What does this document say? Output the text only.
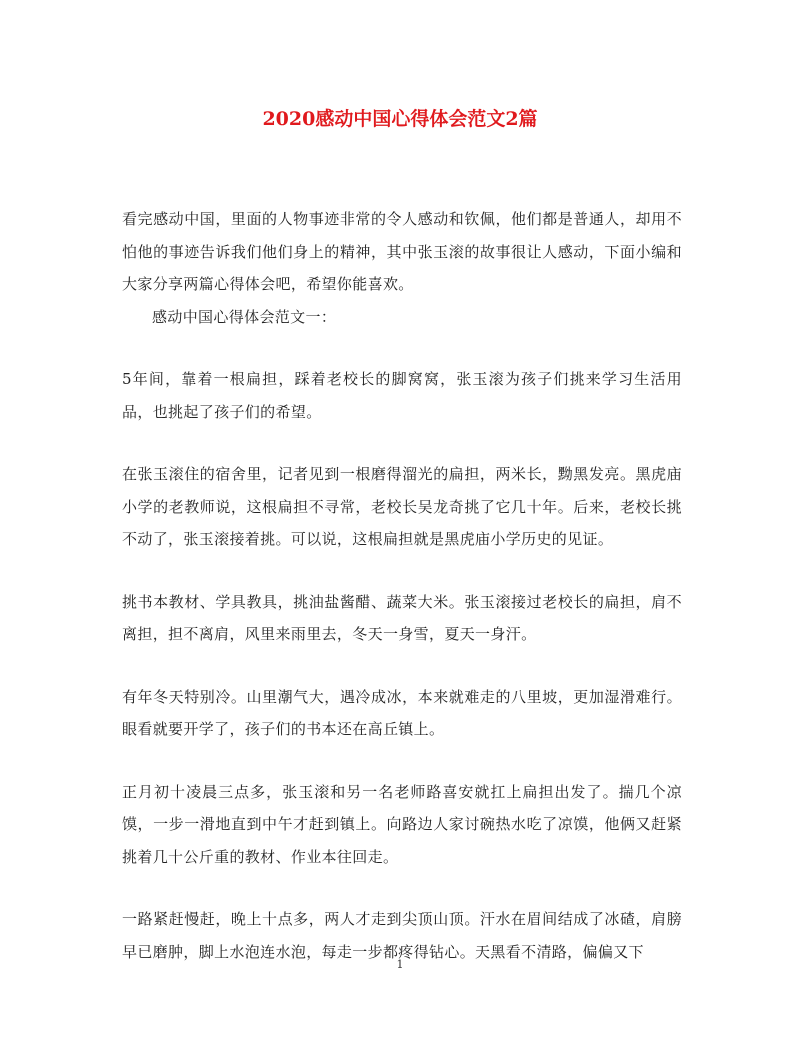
2020感动中国心得体会范文2篇

看完感动中国，里面的人物事迹非常的令人感动和钦佩，他们都是普通人，却用不怕他的事迹告诉我们他们身上的精神，其中张玉滚的故事很让人感动，下面小编和大家分享两篇心得体会吧，希望你能喜欢。

感动中国心得体会范文一：

5年间，靠着一根扁担，踩着老校长的脚窝窝，张玉滚为孩子们挑来学习生活用品，也挑起了孩子们的希望。

在张玉滚住的宿舍里，记者见到一根磨得溜光的扁担，两米长，黝黑发亮。黑虎庙小学的老教师说，这根扁担不寻常，老校长吴龙奇挑了它几十年。后来，老校长挑不动了，张玉滚接着挑。可以说，这根扁担就是黑虎庙小学历史的见证。

挑书本教材、学具教具，挑油盐酱醋、蔬菜大米。张玉滚接过老校长的扁担，肩不离担，担不离肩，风里来雨里去，冬天一身雪，夏天一身汗。

有年冬天特别冷。山里潮气大，遇冷成冰，本来就难走的八里坡，更加湿滑难行。眼看就要开学了，孩子们的书本还在高丘镇上。

正月初十凌晨三点多，张玉滚和另一名老师路喜安就扛上扁担出发了。揣几个凉馍，一步一滑地直到中午才赶到镇上。向路边人家讨碗热水吃了凉馍，他俩又赶紧挑着几十公斤重的教材、作业本往回走。

一路紧赶慢赶，晚上十点多，两人才走到尖顶山顶。汗水在眉间结成了冰碴，肩膀早已磨肿，脚上水泡连水泡，每走一步都疼得钻心。天黑看不清路，偏偏又下

1
